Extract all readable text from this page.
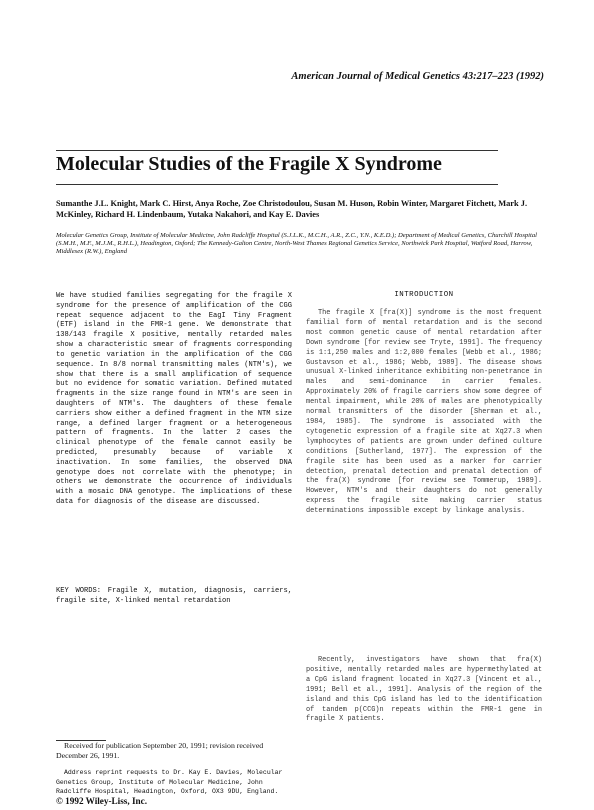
American Journal of Medical Genetics 43:217–223 (1992)
Molecular Studies of the Fragile X Syndrome
Sumanthe J.L. Knight, Mark C. Hirst, Anya Roche, Zoe Christodoulou, Susan M. Huson, Robin Winter, Margaret Fitchett, Mark J. McKinley, Richard H. Lindenbaum, Yutaka Nakahori, and Kay E. Davies
Molecular Genetics Group, Institute of Molecular Medicine, John Radcliffe Hospital (S.J.L.K., M.C.H., A.R., Z.C., Y.N., K.E.D.); Department of Medical Genetics, Churchill Hospital (S.M.H., M.F., M.J.M., R.H.L.), Headington, Oxford; The Kennedy-Galton Centre, North-West Thames Regional Genetics Service, Northwick Park Hospital, Watford Road, Harrow, Middlesex (R.W.), England
We have studied families segregating for the fragile X syndrome for the presence of amplification of the CGG repeat sequence adjacent to the EagI Tiny Fragment (ETF) island in the FMR-1 gene. We demonstrate that 138/143 fragile X positive, mentally retarded males show a characteristic smear of fragments corresponding to genetic variation in the amplification of the CGG sequence. In 8/8 normal transmitting males (NTM's), we show that there is a small amplification of sequence but no evidence for somatic variation. Defined mutated fragments in the size range found in NTM's are seen in daughters of NTM's. The daughters of these female carriers show either a defined fragment in the NTM size range, a defined larger fragment or a heterogeneous pattern of fragments. In the latter 2 cases the clinical phenotype of the female cannot easily be predicted, presumably because of variable X inactivation. In some families, the observed DNA genotype does not correlate with the phenotype; in others we demonstrate the occurrence of individuals with a mosaic DNA genotype. The implications of these data for diagnosis of the disease are discussed.
KEY WORDS: Fragile X, mutation, diagnosis, carriers, fragile site, X-linked mental retardation
INTRODUCTION
The fragile X [fra(X)] syndrome is the most frequent familial form of mental retardation and is the second most common genetic cause of mental retardation after Down syndrome [for review see Tryte, 1991]. The frequency is 1:1,250 males and 1:2,000 females [Webb et al., 1986; Gustavson et al., 1986; Webb, 1989]. The disease shows unusual X-linked inheritance exhibiting non-penetrance in males and semi-dominance in carrier females. Approximately 20% of fragile carriers show some degree of mental impairment, while 20% of males are phenotypically normal transmitters of the disorder [Sherman et al., 1984, 1985]. The syndrome is associated with the cytogenetic expression of a fragile site at Xq27.3 when lymphocytes of patients are grown under defined culture conditions [Sutherland, 1977]. The expression of the fragile site has been used as a marker for carrier detection, prenatal detection and prenatal detection of the fra(X) syndrome [for review see Tommerup, 1989]. However, NTM's and their daughters do not generally express the fragile site making carrier status determinations impossible except by linkage analysis.
Recently, investigators have shown that fra(X) positive, mentally retarded males are hypermethylated at a CpG island fragment located in Xq27.3 [Vincent et al., 1991; Bell et al., 1991]. Analysis of the region of the island and this CpG island has led to the identification of tandem p(CCG)n repeats within the FMR-1 gene in fragile X patients.
Received for publication September 20, 1991; revision received December 26, 1991.
Address reprint requests to Dr. Kay E. Davies, Molecular Genetics Group, Institute of Molecular Medicine, John Radcliffe Hospital, Headington, Oxford, OX3 9DU, England.
© 1992 Wiley-Liss, Inc.
